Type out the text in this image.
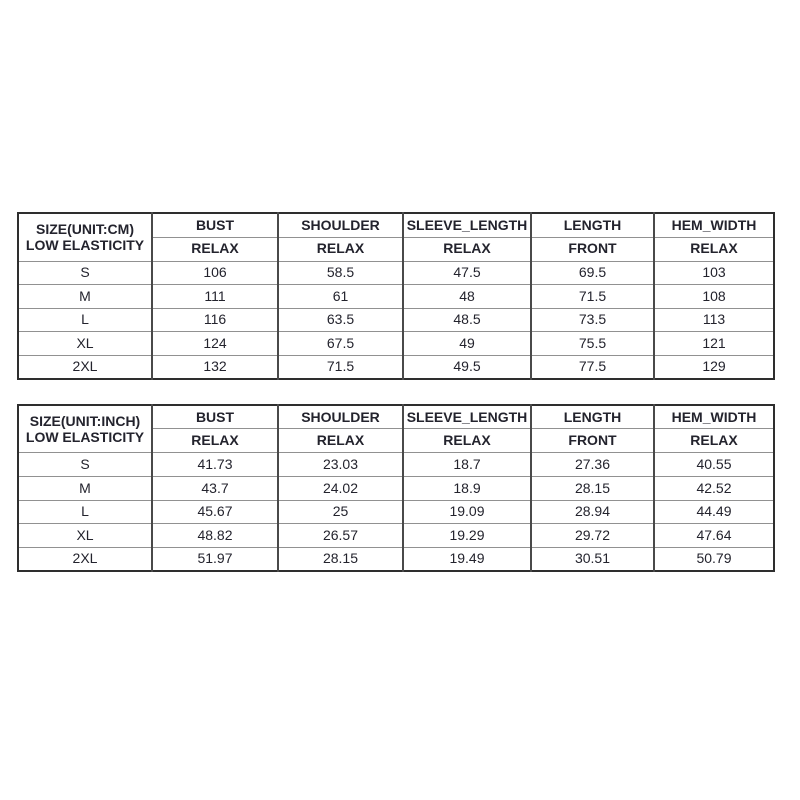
SIZE(UNIT:CM)
LOW ELASTICITY	BUST	SHOULDER	SLEEVE_LENGTH	LENGTH	HEM_WIDTH
	RELAX	RELAX	RELAX	FRONT	RELAX
S	106	58.5	47.5	69.5	103
M	111	61	48	71.5	108
L	116	63.5	48.5	73.5	113
XL	124	67.5	49	75.5	121
2XL	132	71.5	49.5	77.5	129
SIZE(UNIT:INCH)
LOW ELASTICITY	BUST	SHOULDER	SLEEVE_LENGTH	LENGTH	HEM_WIDTH
	RELAX	RELAX	RELAX	FRONT	RELAX
S	41.73	23.03	18.7	27.36	40.55
M	43.7	24.02	18.9	28.15	42.52
L	45.67	25	19.09	28.94	44.49
XL	48.82	26.57	19.29	29.72	47.64
2XL	51.97	28.15	19.49	30.51	50.79
